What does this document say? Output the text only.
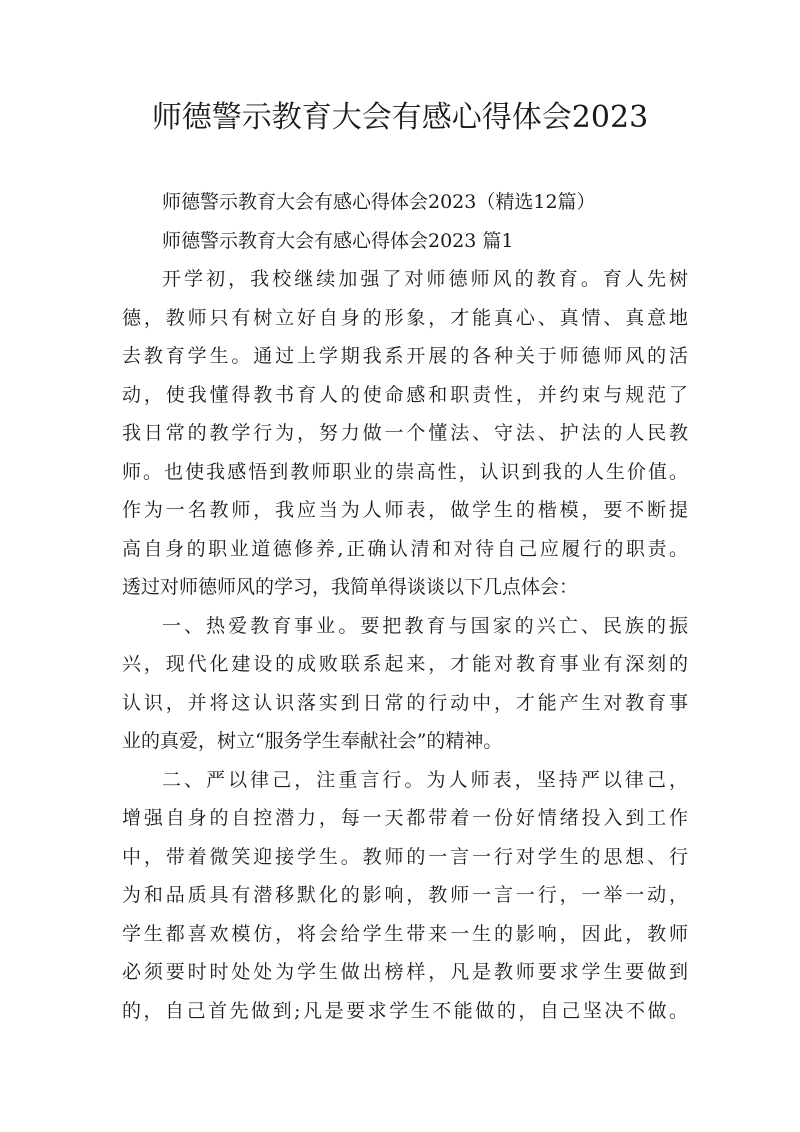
师德警示教育大会有感心得体会2023
师德警示教育大会有感心得体会2023（精选12篇）
师德警示教育大会有感心得体会2023 篇1
开学初，我校继续加强了对师德师风的教育。育人先树
德，教师只有树立好自身的形象，才能真心、真情、真意地
去教育学生。通过上学期我系开展的各种关于师德师风的活
动，使我懂得教书育人的使命感和职责性，并约束与规范了
我日常的教学行为，努力做一个懂法、守法、护法的人民教
师。也使我感悟到教师职业的崇高性，认识到我的人生价值。
作为一名教师，我应当为人师表，做学生的楷模，要不断提
高自身的职业道德修养,正确认清和对待自己应履行的职责。
透过对师德师风的学习，我简单得谈谈以下几点体会：
一、热爱教育事业。要把教育与国家的兴亡、民族的振
兴，现代化建设的成败联系起来，才能对教育事业有深刻的
认识，并将这认识落实到日常的行动中，才能产生对教育事
业的真爱，树立“服务学生奉献社会”的精神。
二、严以律己，注重言行。为人师表，坚持严以律己，
增强自身的自控潜力，每一天都带着一份好情绪投入到工作
中，带着微笑迎接学生。教师的一言一行对学生的思想、行
为和品质具有潜移默化的影响，教师一言一行，一举一动，
学生都喜欢模仿，将会给学生带来一生的影响，因此，教师
必须要时时处处为学生做出榜样，凡是教师要求学生要做到
的，自己首先做到;凡是要求学生不能做的，自己坚决不做。
